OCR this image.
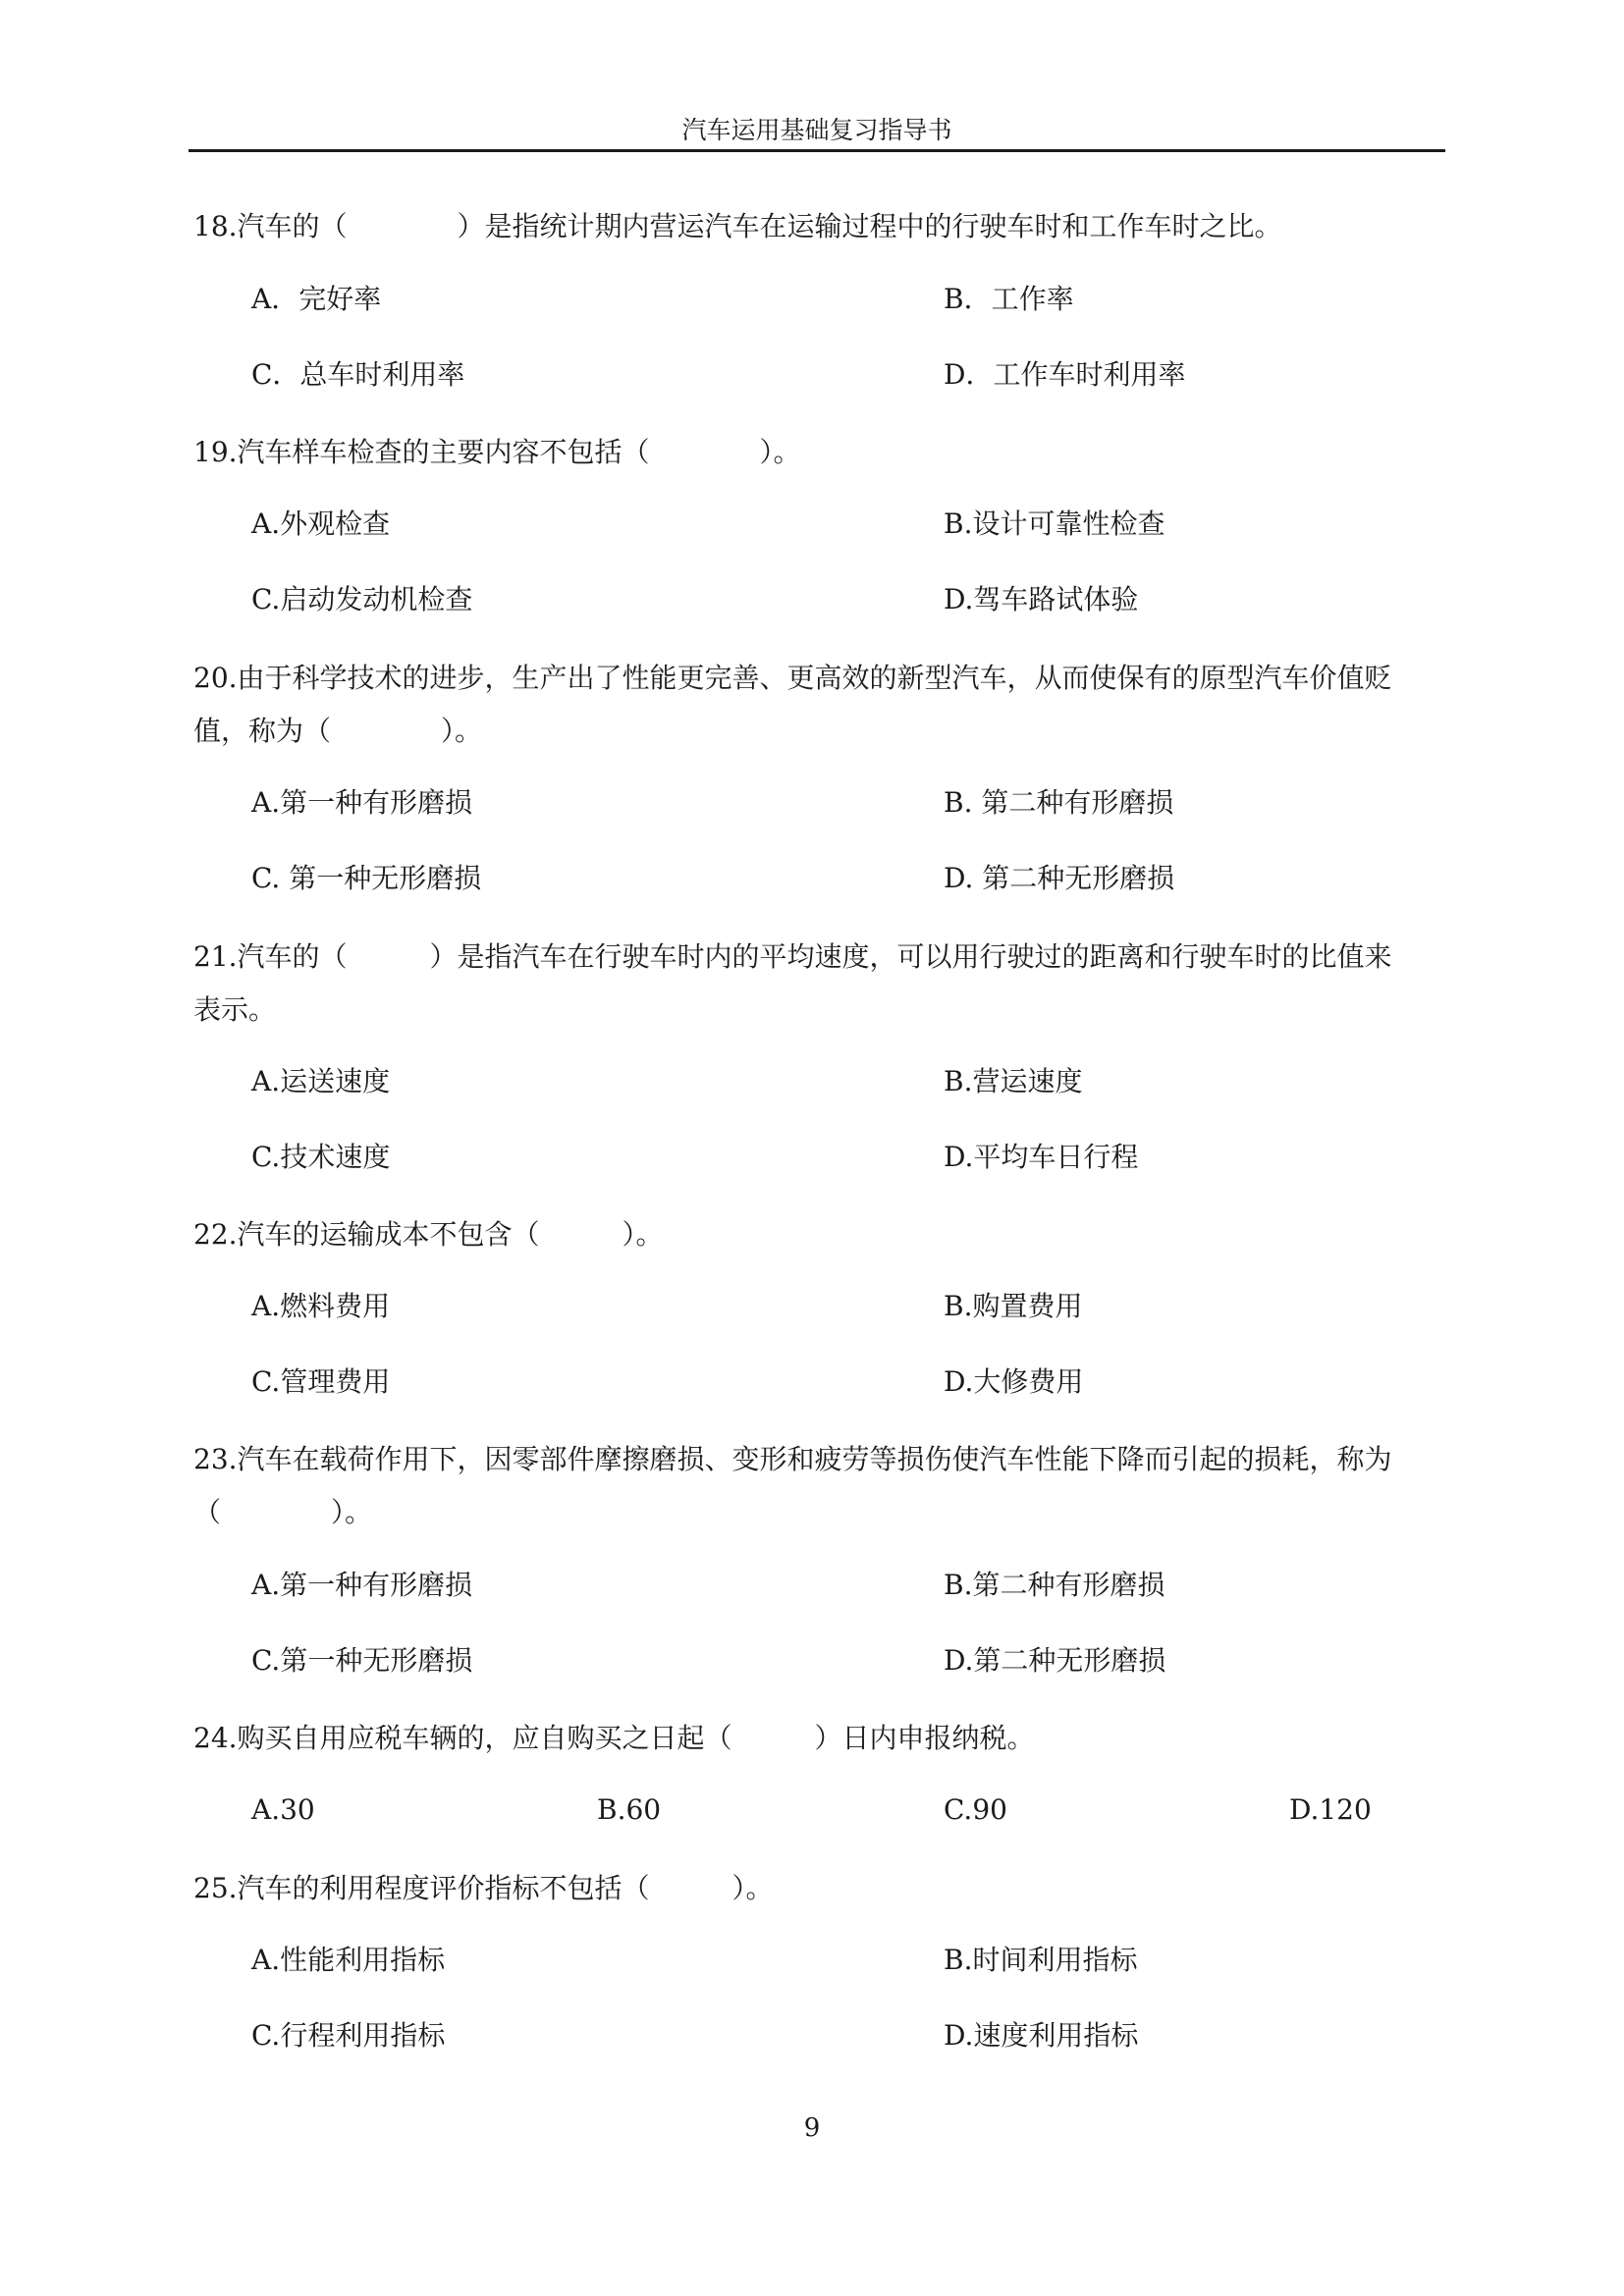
汽车运用基础复习指导书
18.汽车的（　　　　）是指统计期内营运汽车在运输过程中的行驶车时和工作车时之比。
A．完好率	B．工作率
C．总车时利用率	D．工作车时利用率
19.汽车样车检查的主要内容不包括（　　　　）。
A.外观检查	B.设计可靠性检查
C.启动发动机检查	D.驾车路试体验
20.由于科学技术的进步，生产出了性能更完善、更高效的新型汽车，从而使保有的原型汽车价值贬
值，称为（　　　　）。
A.第一种有形磨损	B. 第二种有形磨损
C. 第一种无形磨损	D. 第二种无形磨损
21.汽车的（　　　）是指汽车在行驶车时内的平均速度，可以用行驶过的距离和行驶车时的比值来
表示。
A.运送速度	B.营运速度
C.技术速度	D.平均车日行程
22.汽车的运输成本不包含（　　　）。
A.燃料费用	B.购置费用
C.管理费用	D.大修费用
23.汽车在载荷作用下，因零部件摩擦磨损、变形和疲劳等损伤使汽车性能下降而引起的损耗，称为
（　　　　）。
A.第一种有形磨损	B.第二种有形磨损
C.第一种无形磨损	D.第二种无形磨损
24.购买自用应税车辆的，应自购买之日起（　　　）日内申报纳税。
A.30	B.60	C.90	D.120
25.汽车的利用程度评价指标不包括（　　　）。
A.性能利用指标	B.时间利用指标
C.行程利用指标	D.速度利用指标
9
